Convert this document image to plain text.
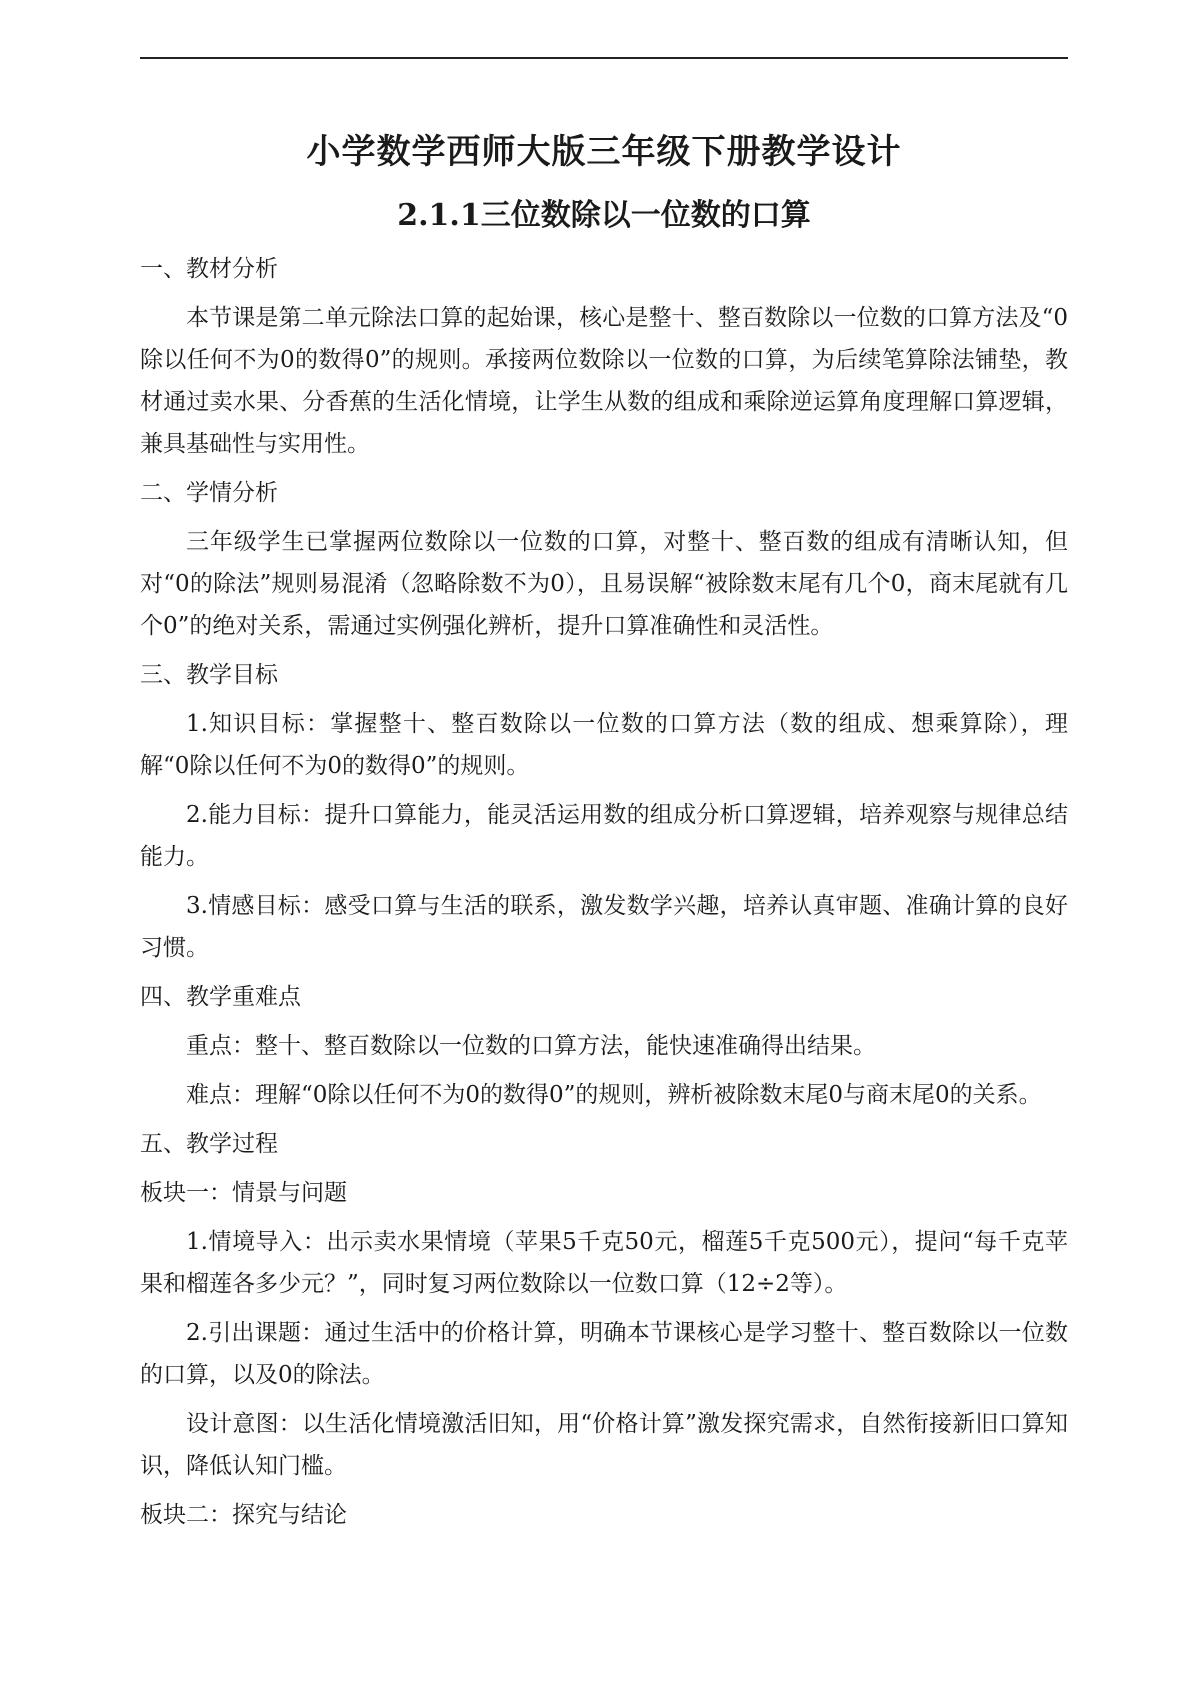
小学数学西师大版三年级下册教学设计
2.1.1三位数除以一位数的口算

一、教材分析

本节课是第二单元除法口算的起始课，核心是整十、整百数除以一位数的口算方法及“0除以任何不为0的数得0”的规则。承接两位数除以一位数的口算，为后续笔算除法铺垫，教材通过卖水果、分香蕉的生活化情境，让学生从数的组成和乘除逆运算角度理解口算逻辑，兼具基础性与实用性。

二、学情分析

三年级学生已掌握两位数除以一位数的口算，对整十、整百数的组成有清晰认知，但对“0的除法”规则易混淆（忽略除数不为0），且易误解“被除数末尾有几个0，商末尾就有几个0”的绝对关系，需通过实例强化辨析，提升口算准确性和灵活性。

三、教学目标

1.知识目标：掌握整十、整百数除以一位数的口算方法（数的组成、想乘算除），理解“0除以任何不为0的数得0”的规则。

2.能力目标：提升口算能力，能灵活运用数的组成分析口算逻辑，培养观察与规律总结能力。

3.情感目标：感受口算与生活的联系，激发数学兴趣，培养认真审题、准确计算的良好习惯。

四、教学重难点

重点：整十、整百数除以一位数的口算方法，能快速准确得出结果。

难点：理解“0除以任何不为0的数得0”的规则，辨析被除数末尾0与商末尾0的关系。

五、教学过程

板块一：情景与问题

1.情境导入：出示卖水果情境（苹果5千克50元，榴莲5千克500元），提问“每千克苹果和榴莲各多少元？”，同时复习两位数除以一位数口算（12÷2等）。

2.引出课题：通过生活中的价格计算，明确本节课核心是学习整十、整百数除以一位数的口算，以及0的除法。

设计意图：以生活化情境激活旧知，用“价格计算”激发探究需求，自然衔接新旧口算知识，降低认知门槛。

板块二：探究与结论
